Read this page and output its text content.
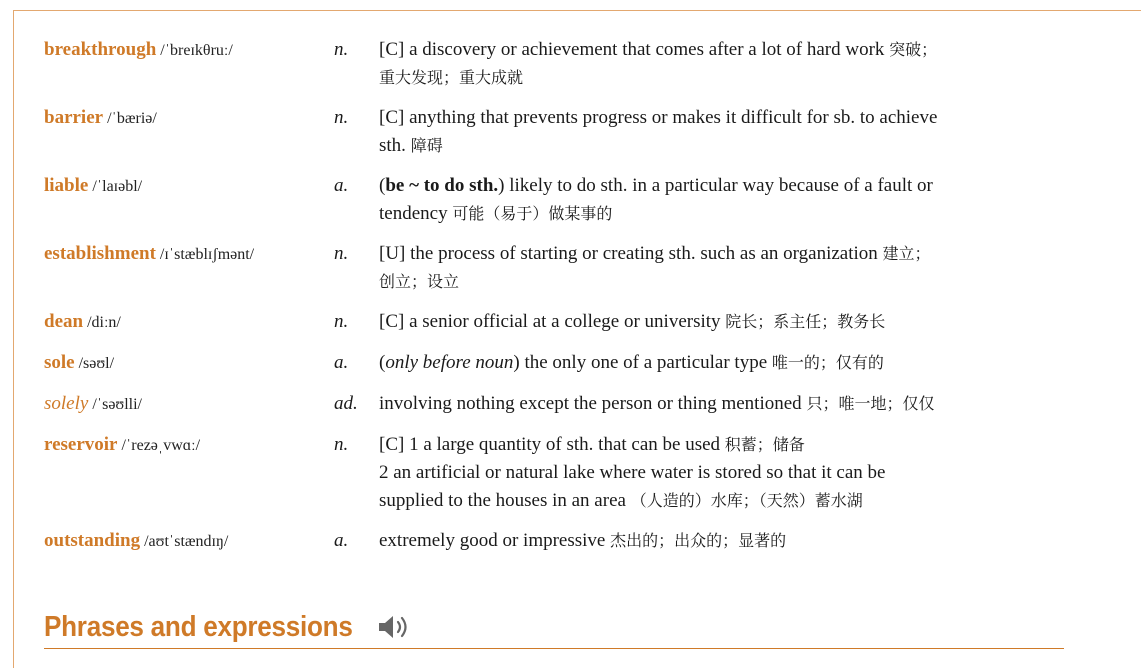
breakthrough /ˈbreɪkθruː/	n.	[C] a discovery or achievement that comes after a lot of hard work 突破；
重大发现；重大成就
barrier /ˈbæriə/	n.	[C] anything that prevents progress or makes it difficult for sb. to achieve
sth. 障碍
liable /ˈlaɪəbl/	a.	(be ~ to do sth.) likely to do sth. in a particular way because of a fault or
tendency 可能（易于）做某事的
establishment /ɪˈstæblɪʃmənt/	n.	[U] the process of starting or creating sth. such as an organization 建立；
创立；设立
dean /diːn/	n.	[C] a senior official at a college or university 院长；系主任；教务长
sole /səʊl/	a.	(only before noun) the only one of a particular type 唯一的；仅有的
solely /ˈsəʊlli/	ad.	involving nothing except the person or thing mentioned 只；唯一地；仅仅
reservoir /ˈrezəˌvwɑː/	n.	[C] 1 a large quantity of sth. that can be used 积蓄；储备
2 an artificial or natural lake where water is stored so that it can be
supplied to the houses in an area （人造的）水库；（天然）蓄水湖
outstanding /aʊtˈstændɪŋ/	a.	extremely good or impressive 杰出的；出众的；显著的
Phrases and expressions
